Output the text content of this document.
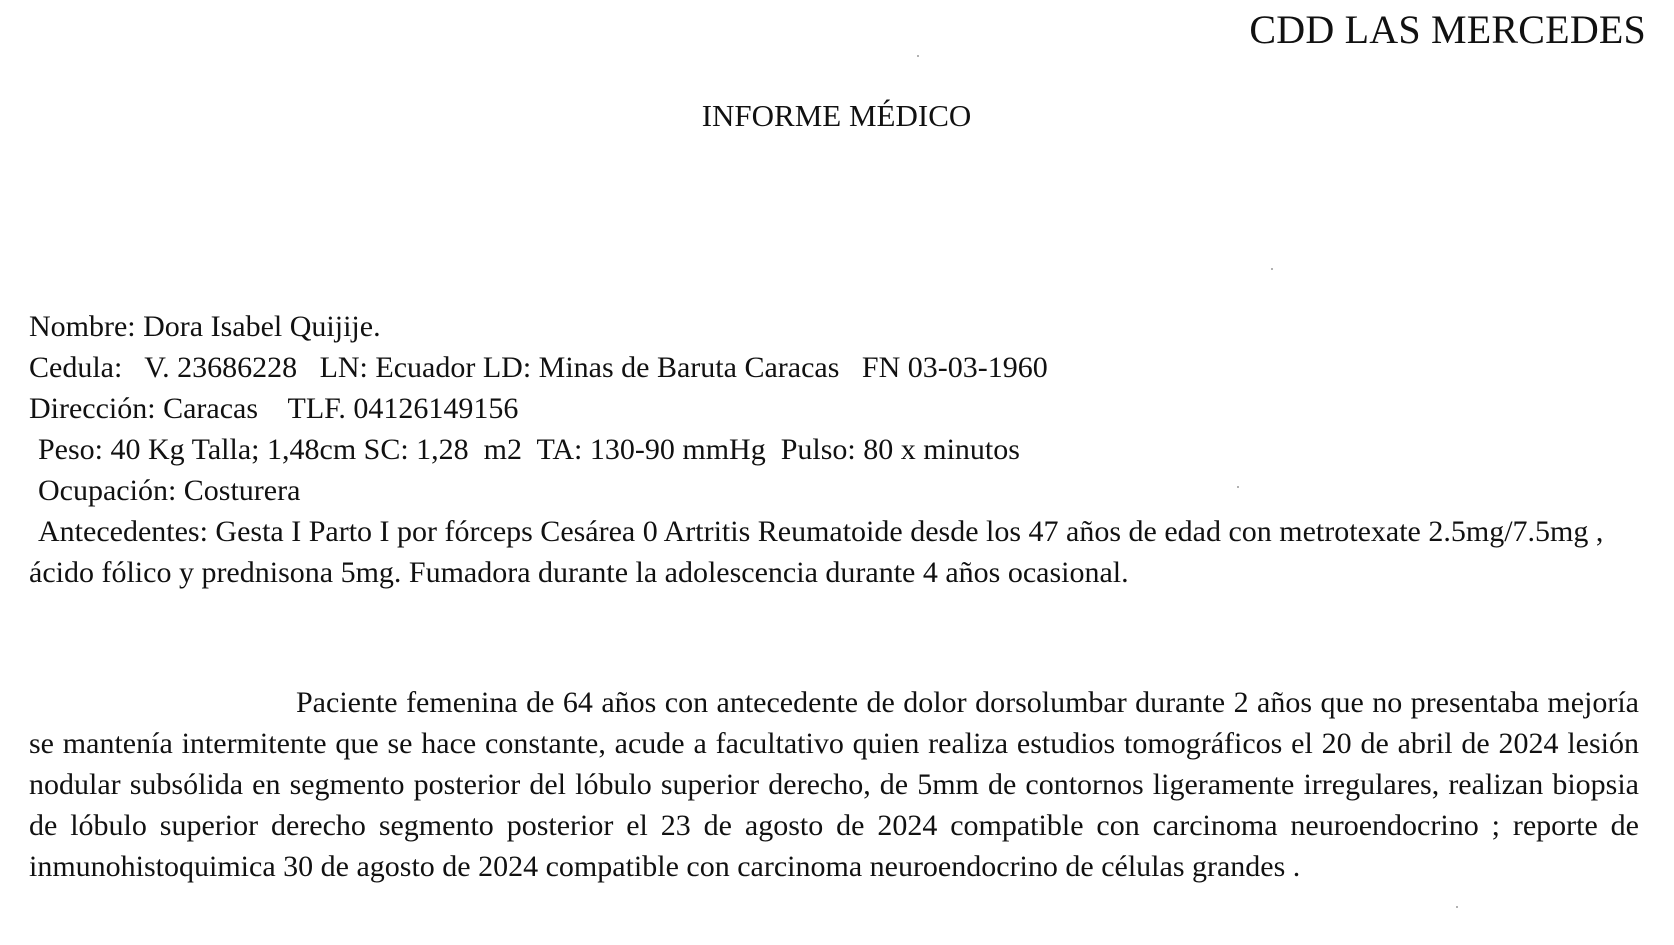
CDD LAS MERCEDES
INFORME MÉDICO
Nombre: Dora Isabel Quijije.
Cedula:   V. 23686228   LN: Ecuador LD: Minas de Baruta Caracas   FN 03-03-1960
Dirección: Caracas    TLF. 04126149156
Peso: 40 Kg Talla; 1,48cm SC: 1,28  m2  TA: 130-90 mmHg  Pulso: 80 x minutos
Ocupación: Costurera
Antecedentes: Gesta I Parto I por fórceps Cesárea 0 Artritis Reumatoide desde los 47 años de edad con metrotexate 2.5mg/7.5mg , ácido fólico y prednisona 5mg. Fumadora durante la adolescencia durante 4 años ocasional.
Paciente femenina de 64 años con antecedente de dolor dorsolumbar durante 2 años que no presentaba mejoría se mantenía intermitente que se hace constante, acude a facultativo quien realiza estudios tomográficos el 20 de abril de 2024 lesión nodular subsólida en segmento posterior del lóbulo superior derecho, de 5mm de contornos ligeramente irregulares, realizan biopsia de lóbulo superior derecho segmento posterior el 23 de agosto de 2024 compatible con carcinoma neuroendocrino ; reporte de inmunohistoquimica 30 de agosto de 2024 compatible con carcinoma neuroendocrino de células grandes .
